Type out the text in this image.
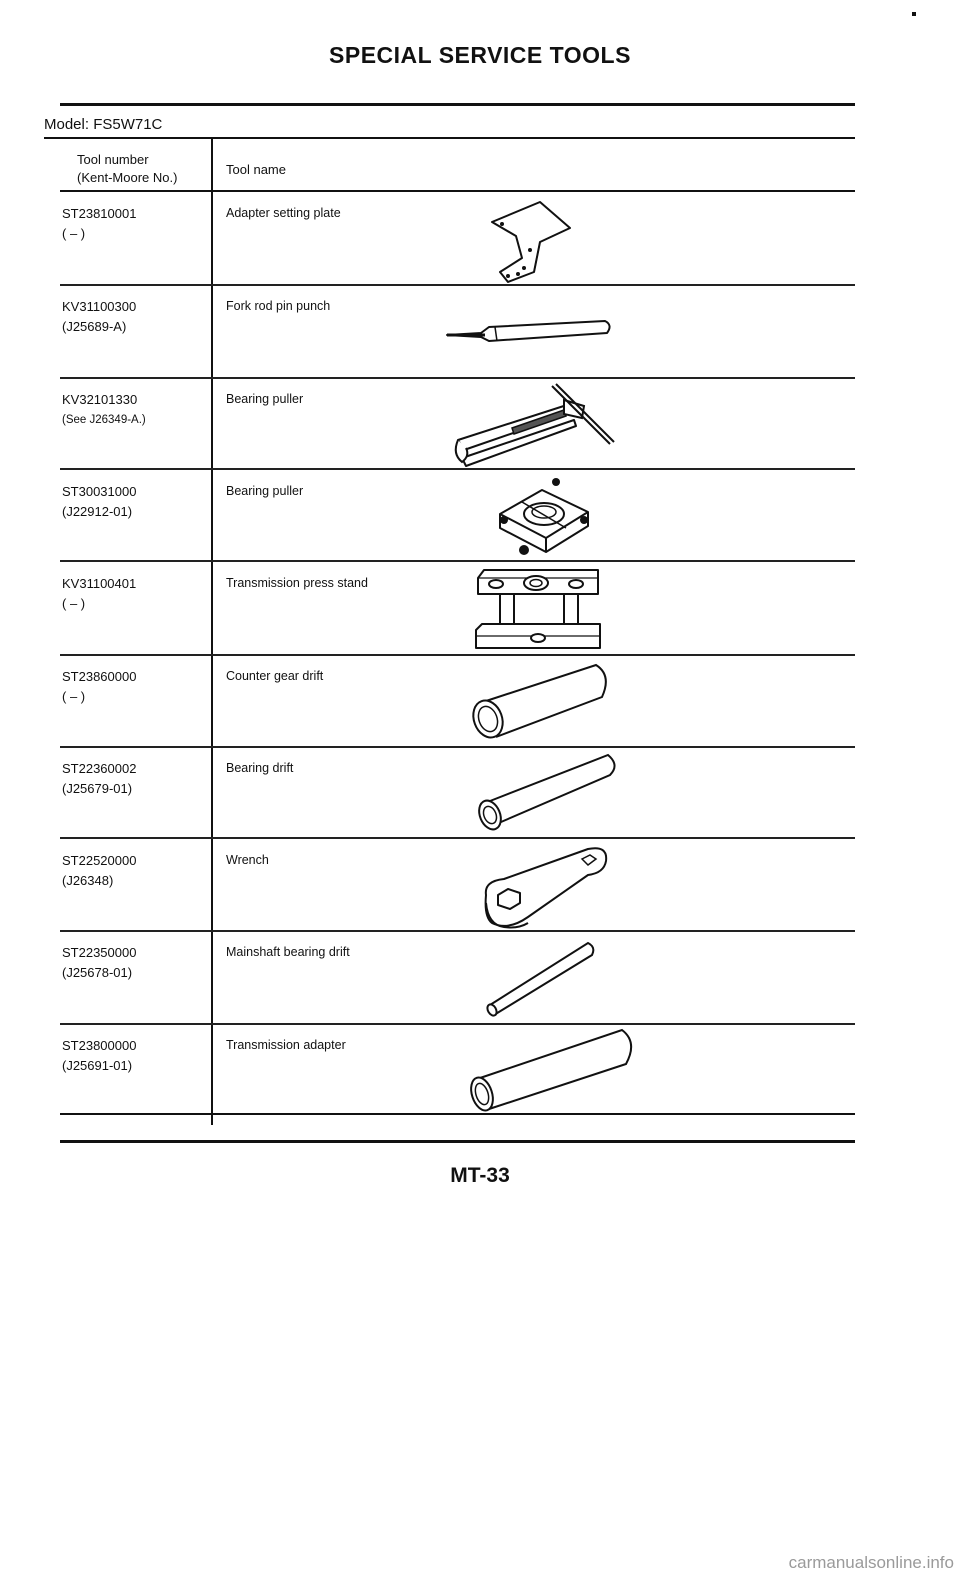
SPECIAL SERVICE TOOLS
Model: FS5W71C
Tool number
(Kent-Moore No.)
Tool name
ST23810001
( – )
Adapter setting plate
KV31100300
(J25689-A)
Fork rod pin punch
KV32101330
(See J26349-A.)
Bearing puller
ST30031000
(J22912-01)
Bearing puller
KV31100401
( – )
Transmission press stand
ST23860000
( – )
Counter gear drift
ST22360002
(J25679-01)
Bearing drift
ST22520000
(J26348)
Wrench
ST22350000
(J25678-01)
Mainshaft bearing drift
ST23800000
(J25691-01)
Transmission adapter
MT-33
carmanualsonline.info
